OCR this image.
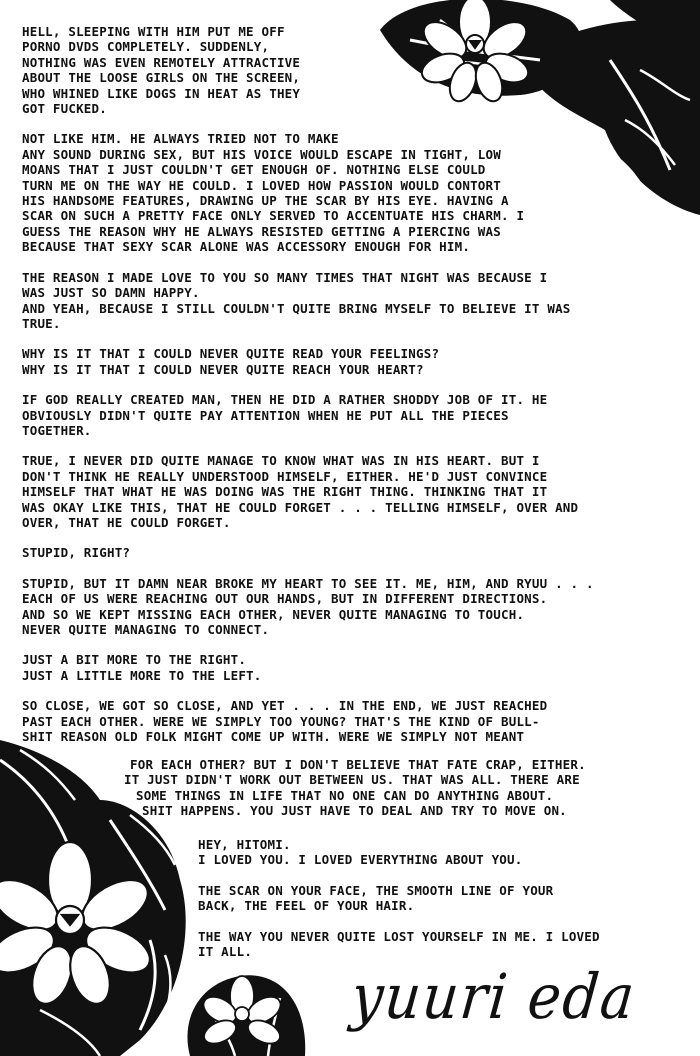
HELL, SLEEPING WITH HIM PUT ME OFF
PORNO DVDS COMPLETELY. SUDDENLY,
NOTHING WAS EVEN REMOTELY ATTRACTIVE
ABOUT THE LOOSE GIRLS ON THE SCREEN,
WHO WHINED LIKE DOGS IN HEAT AS THEY
GOT FUCKED.
NOT LIKE HIM. HE ALWAYS TRIED NOT TO MAKE
ANY SOUND DURING SEX, BUT HIS VOICE WOULD ESCAPE IN TIGHT, LOW
MOANS THAT I JUST COULDN'T GET ENOUGH OF. NOTHING ELSE COULD
TURN ME ON THE WAY HE COULD. I LOVED HOW PASSION WOULD CONTORT
HIS HANDSOME FEATURES, DRAWING UP THE SCAR BY HIS EYE. HAVING A
SCAR ON SUCH A PRETTY FACE ONLY SERVED TO ACCENTUATE HIS CHARM. I
GUESS THE REASON WHY HE ALWAYS RESISTED GETTING A PIERCING WAS
BECAUSE THAT SEXY SCAR ALONE WAS ACCESSORY ENOUGH FOR HIM.
THE REASON I MADE LOVE TO YOU SO MANY TIMES THAT NIGHT WAS BECAUSE I
WAS JUST SO DAMN HAPPY.
AND YEAH, BECAUSE I STILL COULDN'T QUITE BRING MYSELF TO BELIEVE IT WAS
TRUE.
WHY IS IT THAT I COULD NEVER QUITE READ YOUR FEELINGS?
WHY IS IT THAT I COULD NEVER QUITE REACH YOUR HEART?
IF GOD REALLY CREATED MAN, THEN HE DID A RATHER SHODDY JOB OF IT. HE
OBVIOUSLY DIDN'T QUITE PAY ATTENTION WHEN HE PUT ALL THE PIECES
TOGETHER.
TRUE, I NEVER DID QUITE MANAGE TO KNOW WHAT WAS IN HIS HEART. BUT I
DON'T THINK HE REALLY UNDERSTOOD HIMSELF, EITHER. HE'D JUST CONVINCE
HIMSELF THAT WHAT HE WAS DOING WAS THE RIGHT THING. THINKING THAT IT
WAS OKAY LIKE THIS, THAT HE COULD FORGET . . . TELLING HIMSELF, OVER AND
OVER, THAT HE COULD FORGET.
STUPID, RIGHT?
STUPID, BUT IT DAMN NEAR BROKE MY HEART TO SEE IT. ME, HIM, AND RYUU . . .
EACH OF US WERE REACHING OUT OUR HANDS, BUT IN DIFFERENT DIRECTIONS.
AND SO WE KEPT MISSING EACH OTHER, NEVER QUITE MANAGING TO TOUCH.
NEVER QUITE MANAGING TO CONNECT.
JUST A BIT MORE TO THE RIGHT.
JUST A LITTLE MORE TO THE LEFT.
SO CLOSE, WE GOT SO CLOSE, AND YET . . . IN THE END, WE JUST REACHED
PAST EACH OTHER. WERE WE SIMPLY TOO YOUNG? THAT'S THE KIND OF BULL-
SHIT REASON OLD FOLK MIGHT COME UP WITH. WERE WE SIMPLY NOT MEANT
FOR EACH OTHER? BUT I DON'T BELIEVE THAT FATE CRAP, EITHER.
IT JUST DIDN'T WORK OUT BETWEEN US. THAT WAS ALL. THERE ARE
SOME THINGS IN LIFE THAT NO ONE CAN DO ANYTHING ABOUT.
SHIT HAPPENS. YOU JUST HAVE TO DEAL AND TRY TO MOVE ON.
HEY, HITOMI.
I LOVED YOU. I LOVED EVERYTHING ABOUT YOU.
THE SCAR ON YOUR FACE, THE SMOOTH LINE OF YOUR
BACK, THE FEEL OF YOUR HAIR.
THE WAY YOU NEVER QUITE LOST YOURSELF IN ME. I LOVED
IT ALL.
yuuri eda
